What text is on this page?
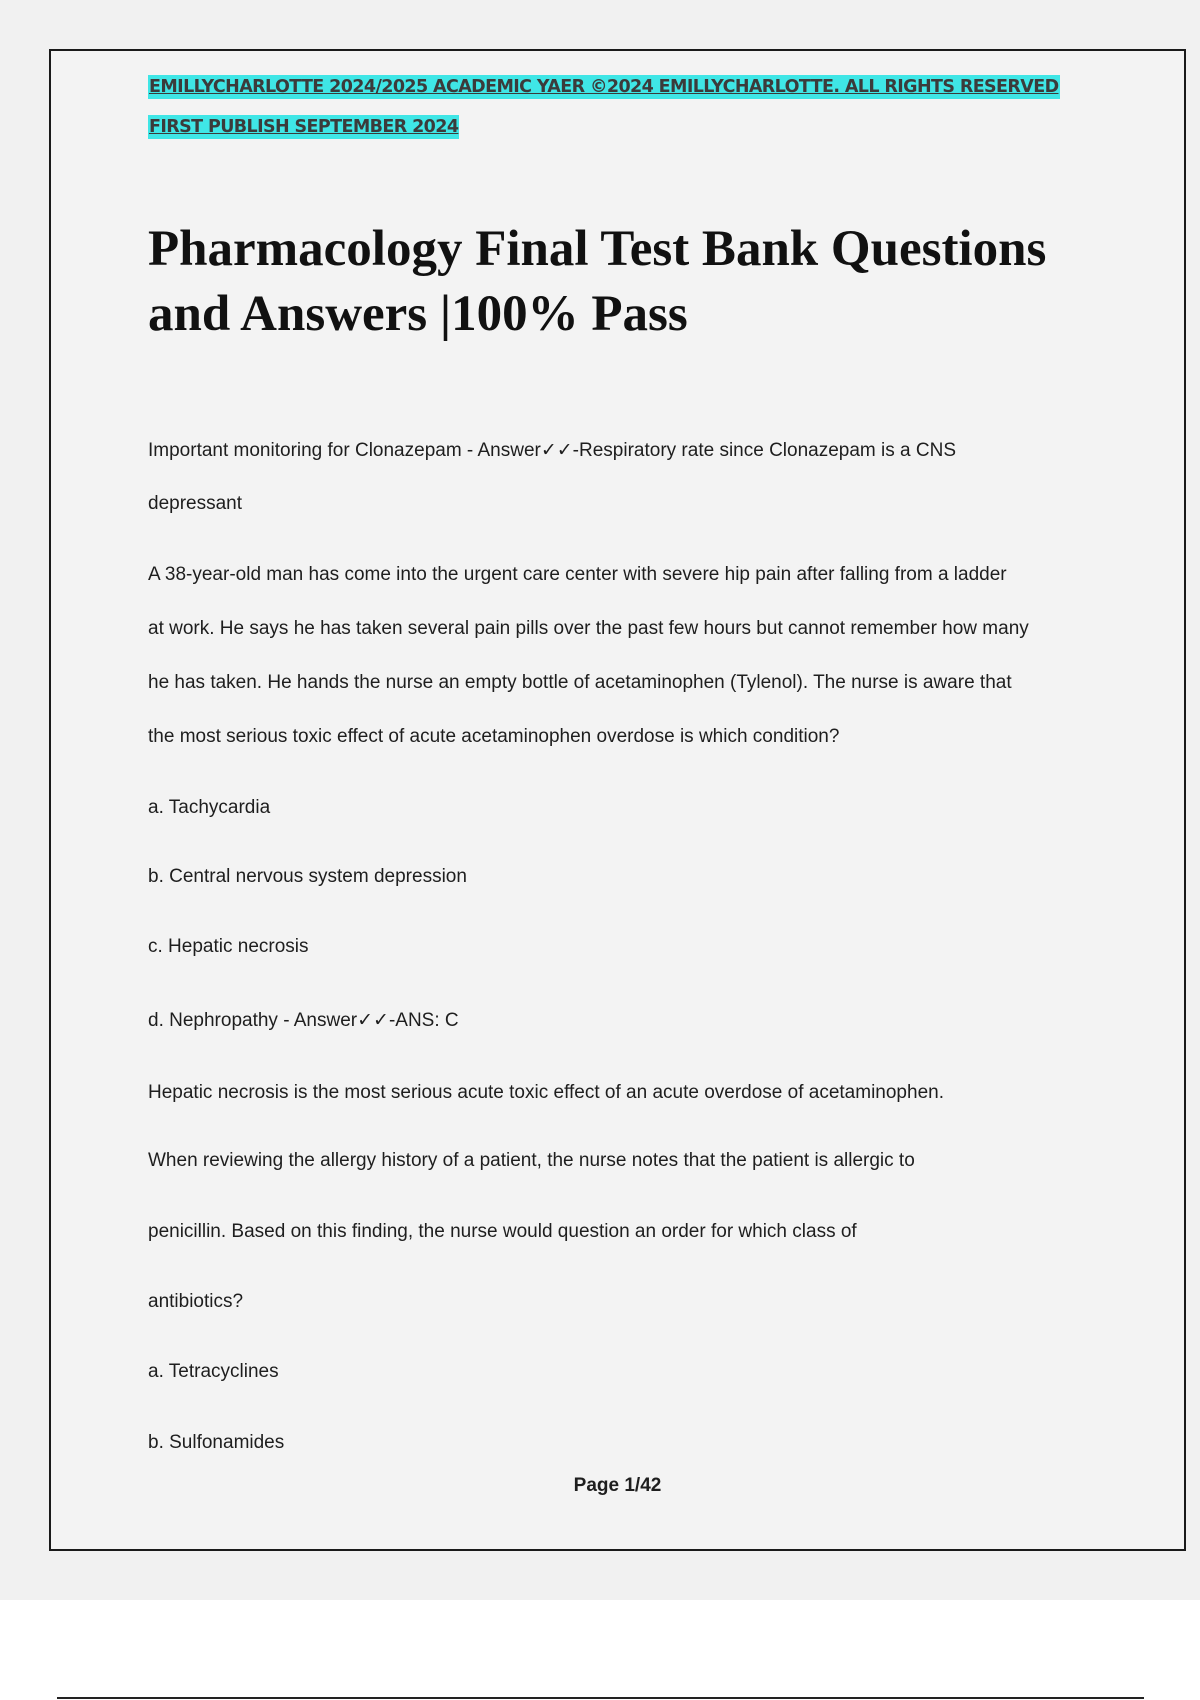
EMILLYCHARLOTTE 2024/2025 ACADEMIC YAER ©2024 EMILLYCHARLOTTE. ALL RIGHTS RESERVED
FIRST PUBLISH SEPTEMBER 2024
Pharmacology Final Test Bank Questions
and Answers |100% Pass
Important monitoring for Clonazepam - Answer✓✓-Respiratory rate since Clonazepam is a CNS
depressant
A 38-year-old man has come into the urgent care center with severe hip pain after falling from a ladder
at work. He says he has taken several pain pills over the past few hours but cannot remember how many
he has taken. He hands the nurse an empty bottle of acetaminophen (Tylenol). The nurse is aware that
the most serious toxic effect of acute acetaminophen overdose is which condition?
a. Tachycardia
b. Central nervous system depression
c. Hepatic necrosis
d. Nephropathy - Answer✓✓-ANS: C
Hepatic necrosis is the most serious acute toxic effect of an acute overdose of acetaminophen.
When reviewing the allergy history of a patient, the nurse notes that the patient is allergic to
penicillin. Based on this finding, the nurse would question an order for which class of
antibiotics?
a. Tetracyclines
b. Sulfonamides
Page 1/42
